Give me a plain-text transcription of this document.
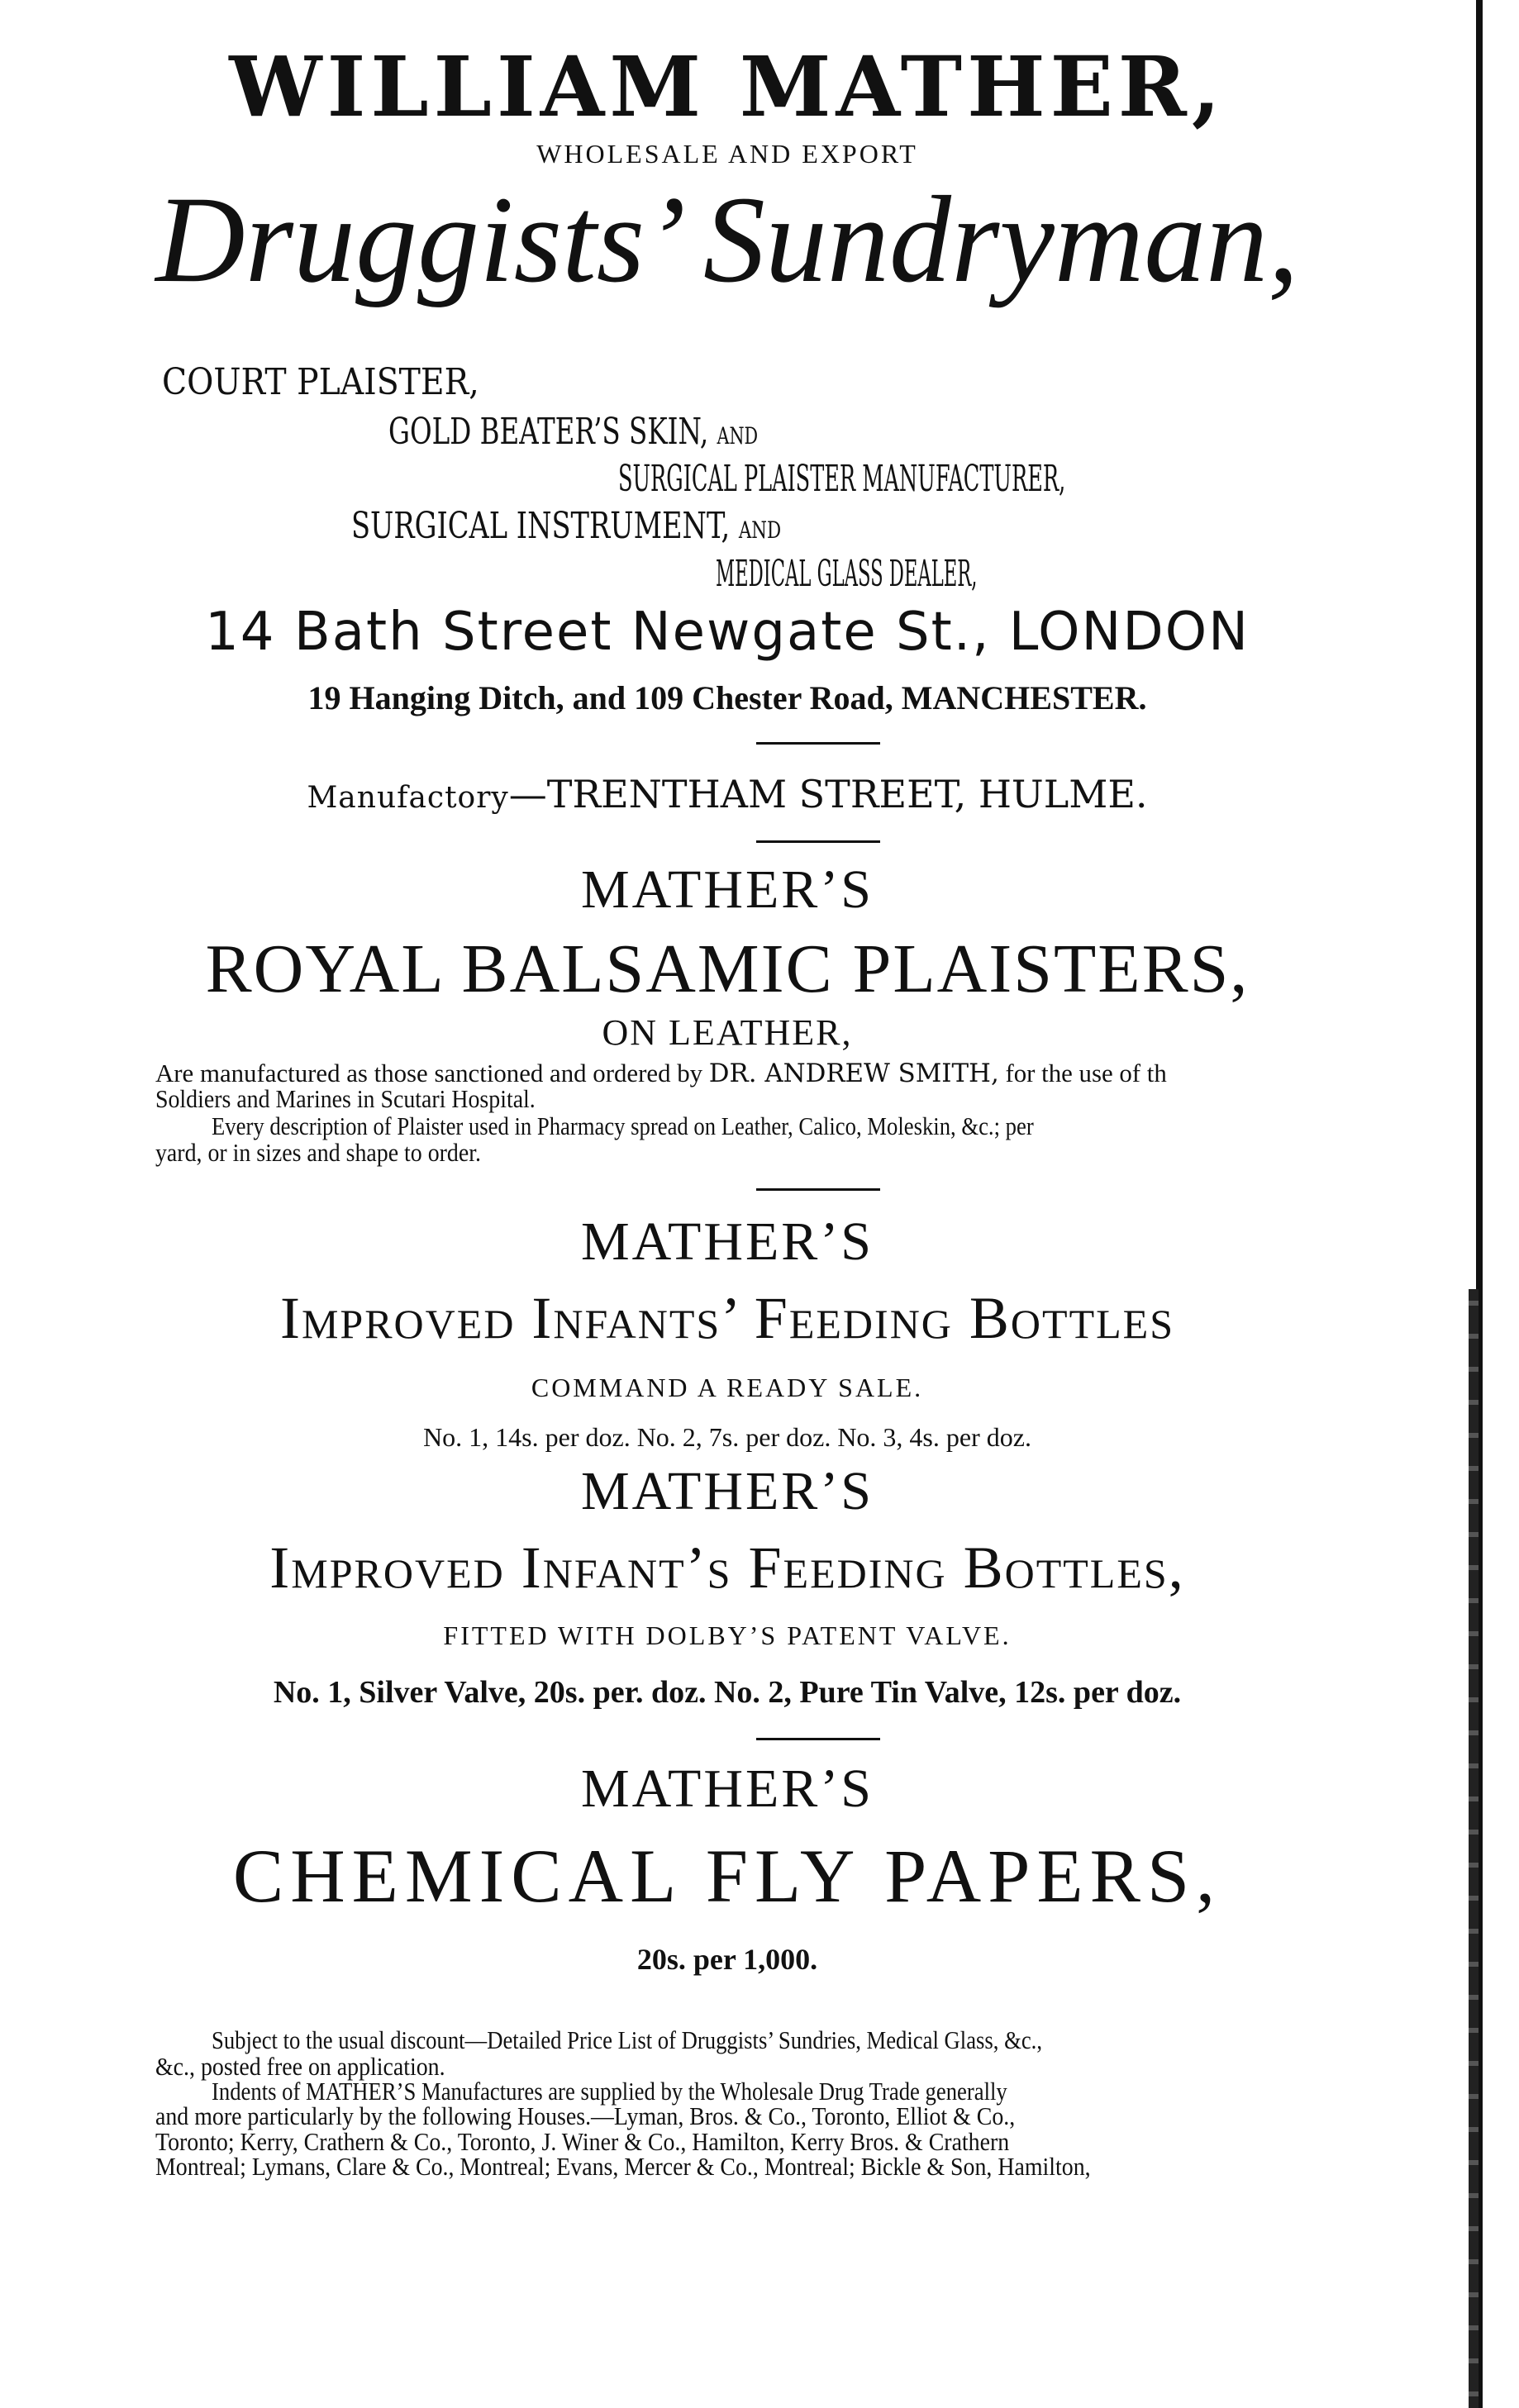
WILLIAM MATHER,
WHOLESALE AND EXPORT
Druggists’ Sundryman,
COURT PLAISTER,
GOLD BEATER’S SKIN, AND
SURGICAL PLAISTER MANUFACTURER,
SURGICAL INSTRUMENT, AND
MEDICAL GLASS DEALER,
14 Bath Street Newgate St., LONDON
19 Hanging Ditch, and 109 Chester Road, MANCHESTER.
Manufactory—TRENTHAM STREET, HULME.
MATHER’S
ROYAL BALSAMIC PLAISTERS,
ON LEATHER,
Are manufactured as those sanctioned and ordered by DR. ANDREW SMITH, for the use of th
Soldiers and Marines in Scutari Hospital.
Every description of Plaister used in Pharmacy spread on Leather, Calico, Moleskin, &c.; per
yard, or in sizes and shape to order.
MATHER’S
Improved Infants’ Feeding Bottles
COMMAND A READY SALE.
No. 1, 14s. per doz. No. 2, 7s. per doz. No. 3, 4s. per doz.
MATHER’S
Improved Infant’s Feeding Bottles,
FITTED WITH DOLBY’S PATENT VALVE.
No. 1, Silver Valve, 20s. per. doz. No. 2, Pure Tin Valve, 12s. per doz.
MATHER’S
CHEMICAL FLY PAPERS,
20s. per 1,000.
Subject to the usual discount—Detailed Price List of Druggists’ Sundries, Medical Glass, &c.,
&c., posted free on application.
Indents of MATHER’S Manufactures are supplied by the Wholesale Drug Trade generally
and more particularly by the following Houses.—Lyman, Bros. & Co., Toronto, Elliot & Co.,
Toronto; Kerry, Crathern & Co., Toronto, J. Winer & Co., Hamilton, Kerry Bros. & Crathern
Montreal; Lymans, Clare & Co., Montreal; Evans, Mercer & Co., Montreal; Bickle & Son, Hamilton,
